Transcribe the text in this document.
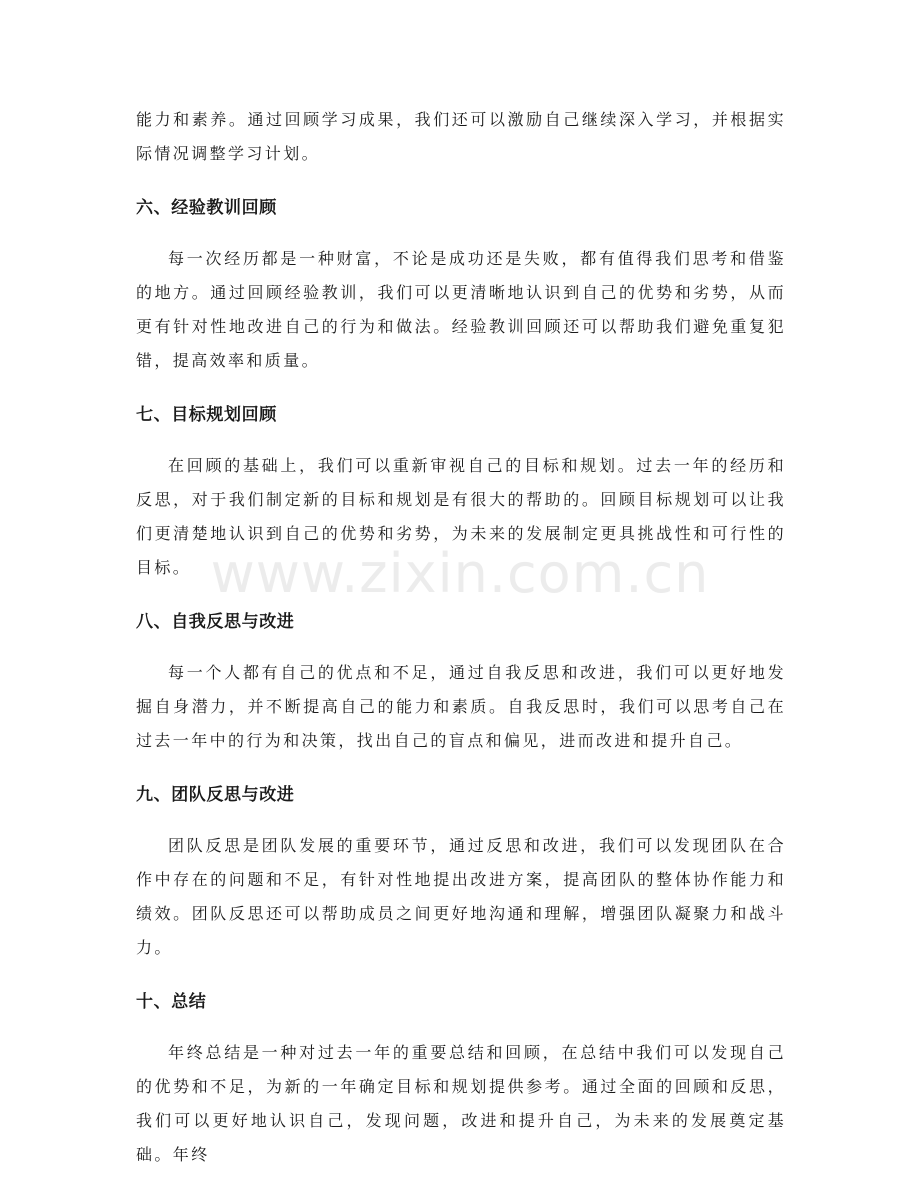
能力和素养。通过回顾学习成果，我们还可以激励自己继续深入学习，并根据实际情况调整学习计划。

六、经验教训回顾

每一次经历都是一种财富，不论是成功还是失败，都有值得我们思考和借鉴的地方。通过回顾经验教训，我们可以更清晰地认识到自己的优势和劣势，从而更有针对性地改进自己的行为和做法。经验教训回顾还可以帮助我们避免重复犯错，提高效率和质量。

七、目标规划回顾

在回顾的基础上，我们可以重新审视自己的目标和规划。过去一年的经历和反思，对于我们制定新的目标和规划是有很大的帮助的。回顾目标规划可以让我们更清楚地认识到自己的优势和劣势，为未来的发展制定更具挑战性和可行性的目标。

八、自我反思与改进

每一个人都有自己的优点和不足，通过自我反思和改进，我们可以更好地发掘自身潜力，并不断提高自己的能力和素质。自我反思时，我们可以思考自己在过去一年中的行为和决策，找出自己的盲点和偏见，进而改进和提升自己。

九、团队反思与改进

团队反思是团队发展的重要环节，通过反思和改进，我们可以发现团队在合作中存在的问题和不足，有针对性地提出改进方案，提高团队的整体协作能力和绩效。团队反思还可以帮助成员之间更好地沟通和理解，增强团队凝聚力和战斗力。

十、总结

年终总结是一种对过去一年的重要总结和回顾，在总结中我们可以发现自己的优势和不足，为新的一年确定目标和规划提供参考。通过全面的回顾和反思，我们可以更好地认识自己，发现问题，改进和提升自己，为未来的发展奠定基础。年终

www.zixin.com.cn
